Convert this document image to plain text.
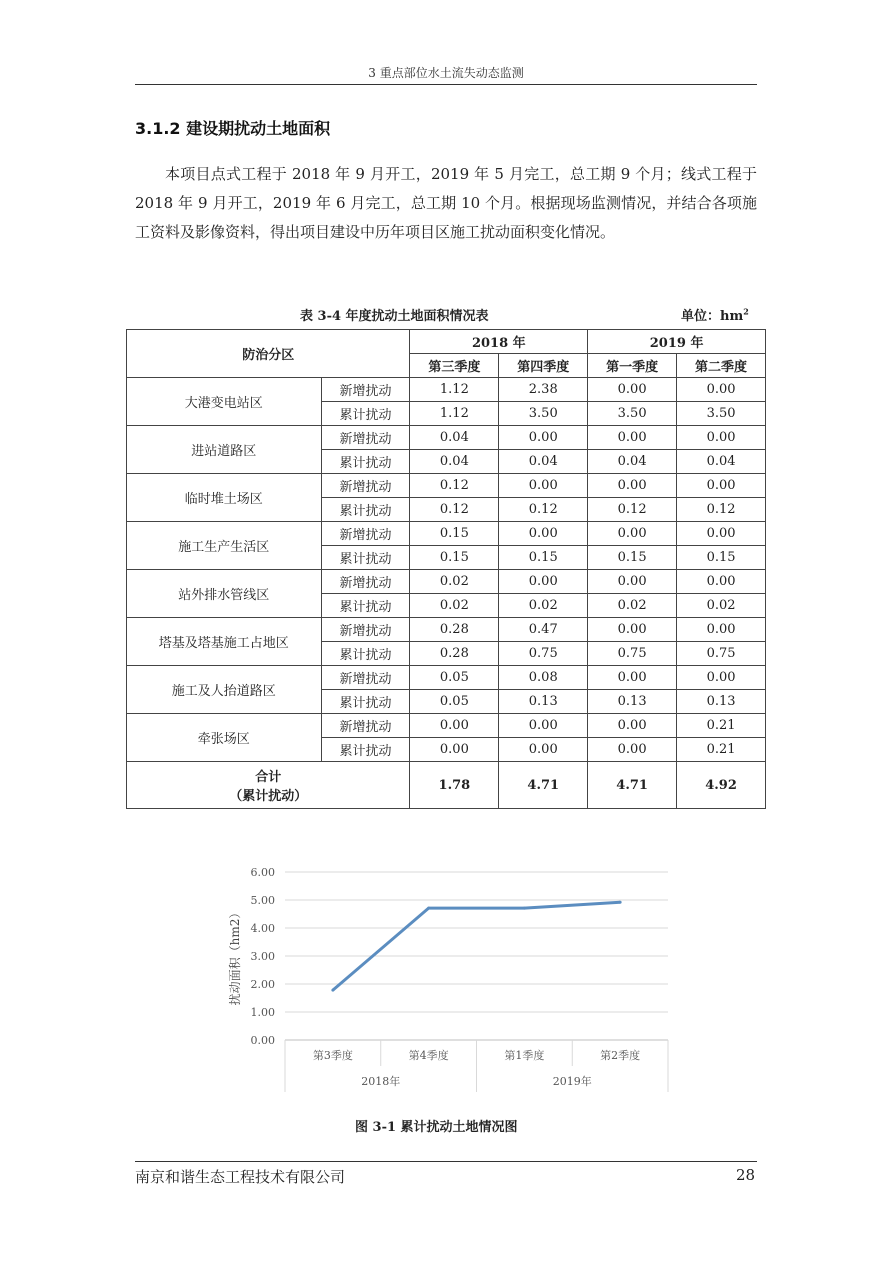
3 重点部位水土流失动态监测
3.1.2 建设期扰动土地面积
本项目点式工程于 2018 年 9 月开工，2019 年 5 月完工，总工期 9 个月；线式工程于 2018 年 9 月开工，2019 年 6 月完工，总工期 10 个月。根据现场监测情况，并结合各项施工资料及影像资料，得出项目建设中历年项目区施工扰动面积变化情况。
表 3-4 年度扰动土地面积情况表	单位：$hm^2$
防治分区		2018 年		2019 年	
		第三季度	第四季度	第一季度	第二季度
大港变电站区	新增扰动	1.12	2.38	0.00	0.00
	累计扰动	1.12	3.50	3.50	3.50
进站道路区	新增扰动	0.04	0.00	0.00	0.00
	累计扰动	0.04	0.04	0.04	0.04
临时堆土场区	新增扰动	0.12	0.00	0.00	0.00
	累计扰动	0.12	0.12	0.12	0.12
施工生产生活区	新增扰动	0.15	0.00	0.00	0.00
	累计扰动	0.15	0.15	0.15	0.15
站外排水管线区	新增扰动	0.02	0.00	0.00	0.00
	累计扰动	0.02	0.02	0.02	0.02
塔基及塔基施工占地区	新增扰动	0.28	0.47	0.00	0.00
	累计扰动	0.28	0.75	0.75	0.75
施工及人抬道路区	新增扰动	0.05	0.08	0.00	0.00
	累计扰动	0.05	0.13	0.13	0.13
牵张场区	新增扰动	0.00	0.00	0.00	0.21
	累计扰动	0.00	0.00	0.00	0.21

合计
（累计扰动）		1.78	4.71	4.71	4.92
0.00
1.00
2.00
3.00
4.00
5.00
6.00
第3季度	第4季度	第1季度	第2季度
2018年	2019年
扰动面积（hm2）
图 3-1 累计扰动土地情况图
南京和谐生态工程技术有限公司	28
